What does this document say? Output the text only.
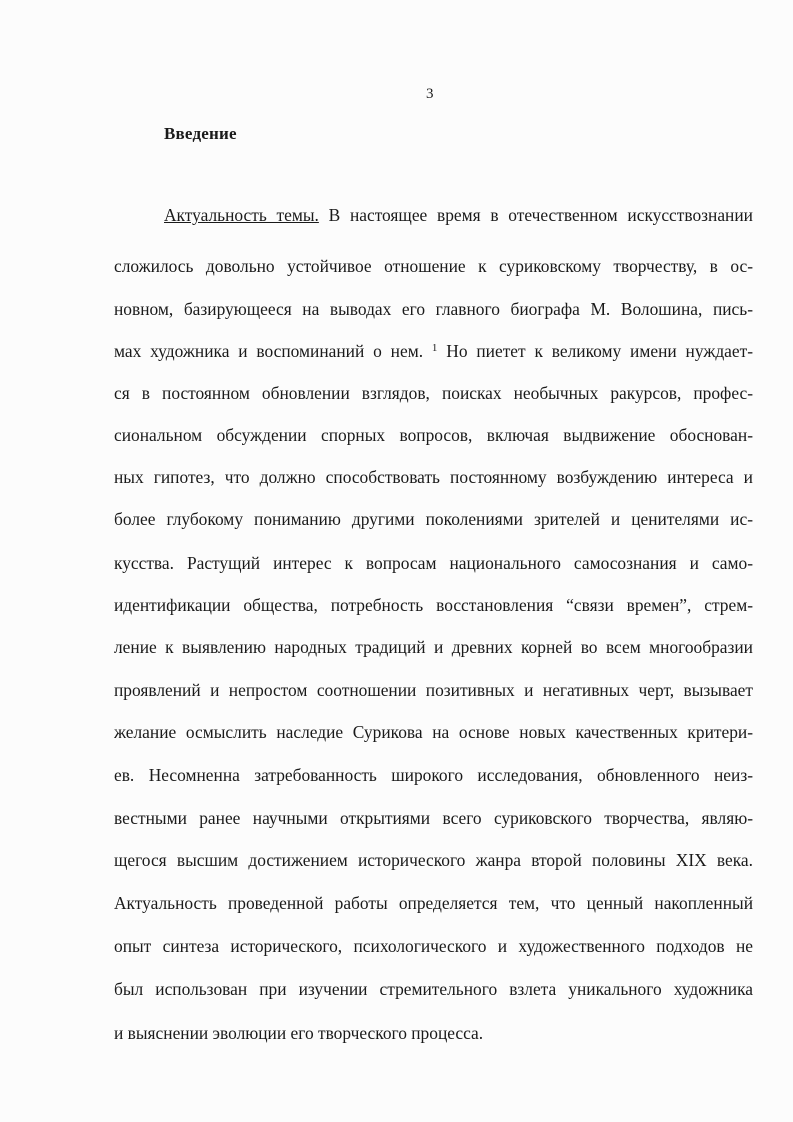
3
Введение
Актуальность темы. В настоящее время в отечественном искусствознании
сложилось довольно устойчивое отношение к суриковскому творчеству, в ос-
новном, базирующееся на выводах его главного биографа М. Волошина, пись-
мах художника и воспоминаний о нем. $^1$ Но пиетет к великому имени нуждает-
ся в постоянном обновлении взглядов, поисках необычных ракурсов, профес-
сиональном обсуждении спорных вопросов, включая выдвижение обоснован-
ных гипотез, что должно способствовать постоянному возбуждению интереса и
более глубокому пониманию другими поколениями зрителей и ценителями ис-
кусства. Растущий интерес к вопросам национального самосознания и само-
идентификации общества, потребность восстановления “связи времен”, стрем-
ление к выявлению народных традиций и древних корней во всем многообразии
проявлений и непростом соотношении позитивных и негативных черт, вызывает
желание осмыслить наследие Сурикова на основе новых качественных критери-
ев. Несомненна затребованность широкого исследования, обновленного неиз-
вестными ранее научными открытиями всего суриковского творчества, являю-
щегося высшим достижением исторического жанра второй половины XIX века.
Актуальность проведенной работы определяется тем, что ценный накопленный
опыт синтеза исторического, психологического и художественного подходов не
был использован при изучении стремительного взлета уникального художника
и выяснении эволюции его творческого процесса.
